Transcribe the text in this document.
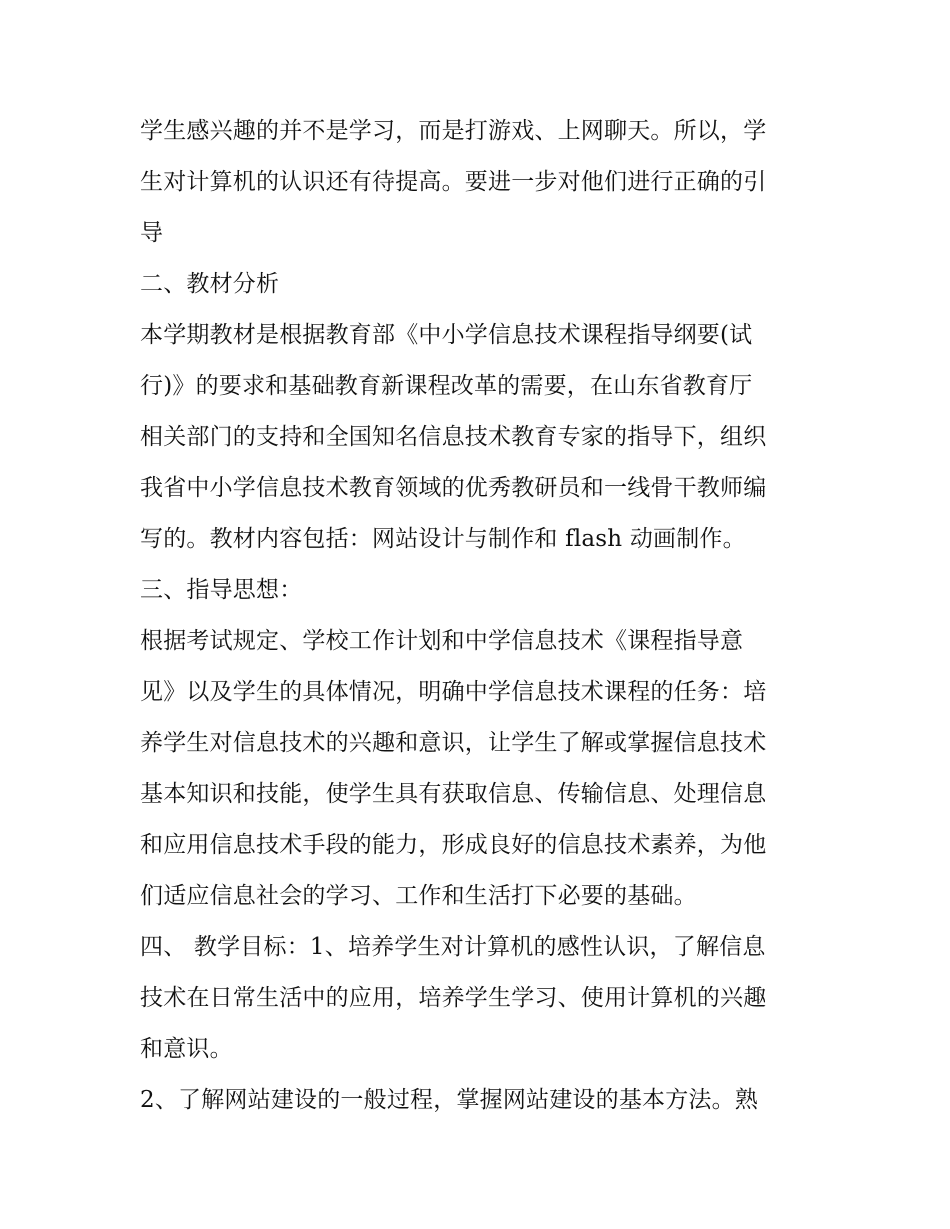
学生感兴趣的并不是学习，而是打游戏、上网聊天。所以，学
生对计算机的认识还有待提高。要进一步对他们进行正确的引
导
二、教材分析
本学期教材是根据教育部《中小学信息技术课程指导纲要(试
行)》的要求和基础教育新课程改革的需要，在山东省教育厅
相关部门的支持和全国知名信息技术教育专家的指导下，组织
我省中小学信息技术教育领域的优秀教研员和一线骨干教师编
写的。教材内容包括：网站设计与制作和 flash 动画制作。
三、指导思想：
根据考试规定、学校工作计划和中学信息技术《课程指导意
见》以及学生的具体情况，明确中学信息技术课程的任务：培
养学生对信息技术的兴趣和意识，让学生了解或掌握信息技术
基本知识和技能，使学生具有获取信息、传输信息、处理信息
和应用信息技术手段的能力，形成良好的信息技术素养，为他
们适应信息社会的学习、工作和生活打下必要的基础。
四、 教学目标：1、培养学生对计算机的感性认识，了解信息
技术在日常生活中的应用，培养学生学习、使用计算机的兴趣
和意识。
2、了解网站建设的一般过程，掌握网站建设的基本方法。熟
